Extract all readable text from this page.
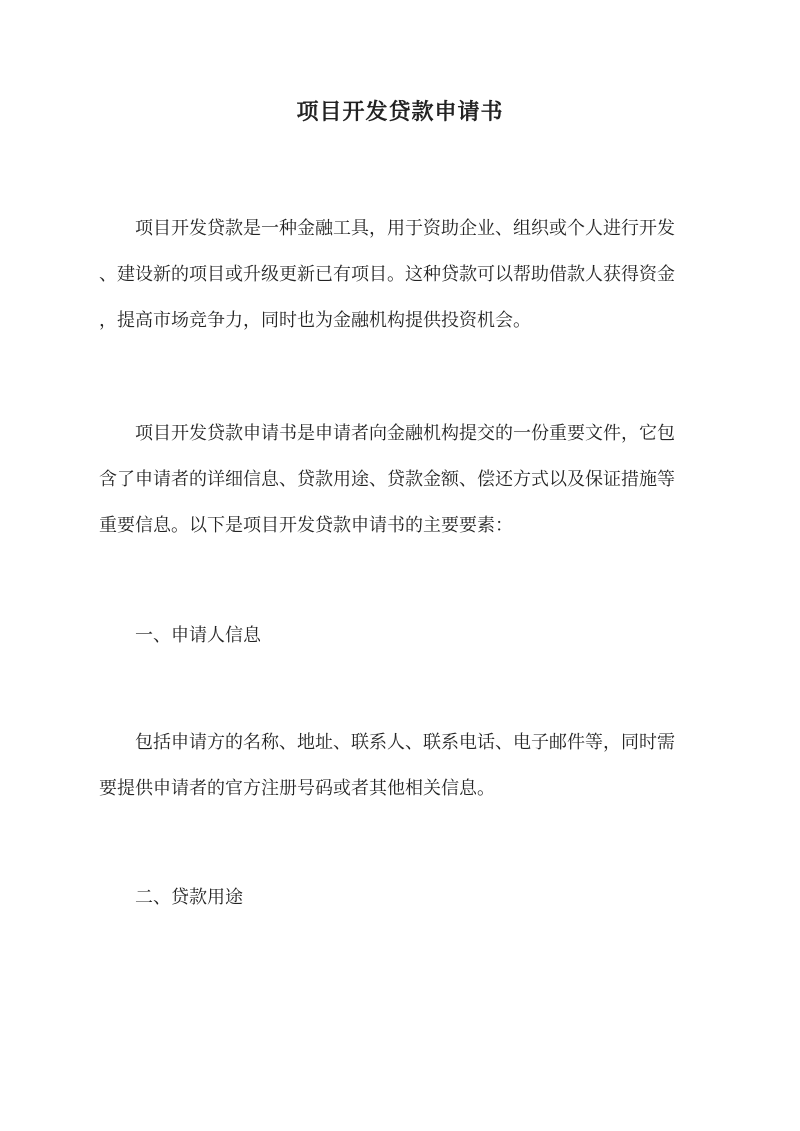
项目开发贷款申请书
项目开发贷款是一种金融工具，用于资助企业、组织或个人进行开发
、建设新的项目或升级更新已有项目。这种贷款可以帮助借款人获得资金
，提高市场竞争力，同时也为金融机构提供投资机会。
项目开发贷款申请书是申请者向金融机构提交的一份重要文件，它包
含了申请者的详细信息、贷款用途、贷款金额、偿还方式以及保证措施等
重要信息。以下是项目开发贷款申请书的主要要素：
一、申请人信息
包括申请方的名称、地址、联系人、联系电话、电子邮件等，同时需
要提供申请者的官方注册号码或者其他相关信息。
二、贷款用途
